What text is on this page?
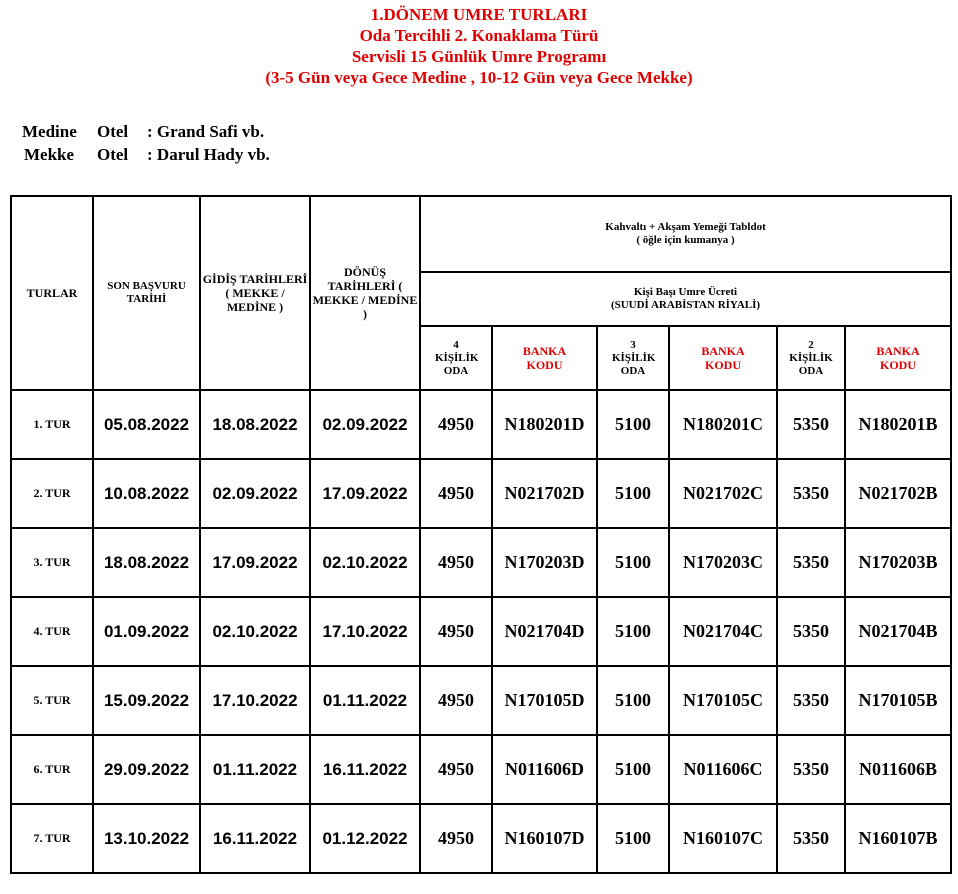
1.DÖNEM UMRE TURLARI
Oda Tercihli 2. Konaklama Türü
Servisli 15 Günlük Umre Programı
(3-5 Gün veya Gece Medine , 10-12 Gün veya Gece Mekke)
Medine	Otel	: Grand Safi vb.
Mekke	Otel	: Darul Hady vb.
TURLAR	SON BAŞVURU TARİHİ	GİDİŞ TARİHLERİ ( MEKKE / MEDİNE )	DÖNÜŞ TARİHLERİ ( MEKKE / MEDİNE )	Kahvaltı + Akşam Yemeği Tabldot
( öğle için kumanya )					

				Kişi Başı Umre Ücreti
(SUUDİ ARABİSTAN RİYALİ)					

				4 KİŞİLİK ODA	BANKA KODU	3 KİŞİLİK ODA	BANKA KODU	2 KİŞİLİK ODA	BANKA KODU
1. TUR	05.08.2022	18.08.2022	02.09.2022	4950	N180201D	5100	N180201C	5350	N180201B
2. TUR	10.08.2022	02.09.2022	17.09.2022	4950	N021702D	5100	N021702C	5350	N021702B
3. TUR	18.08.2022	17.09.2022	02.10.2022	4950	N170203D	5100	N170203C	5350	N170203B
4. TUR	01.09.2022	02.10.2022	17.10.2022	4950	N021704D	5100	N021704C	5350	N021704B
5. TUR	15.09.2022	17.10.2022	01.11.2022	4950	N170105D	5100	N170105C	5350	N170105B
6. TUR	29.09.2022	01.11.2022	16.11.2022	4950	N011606D	5100	N011606C	5350	N011606B
7. TUR	13.10.2022	16.11.2022	01.12.2022	4950	N160107D	5100	N160107C	5350	N160107B
